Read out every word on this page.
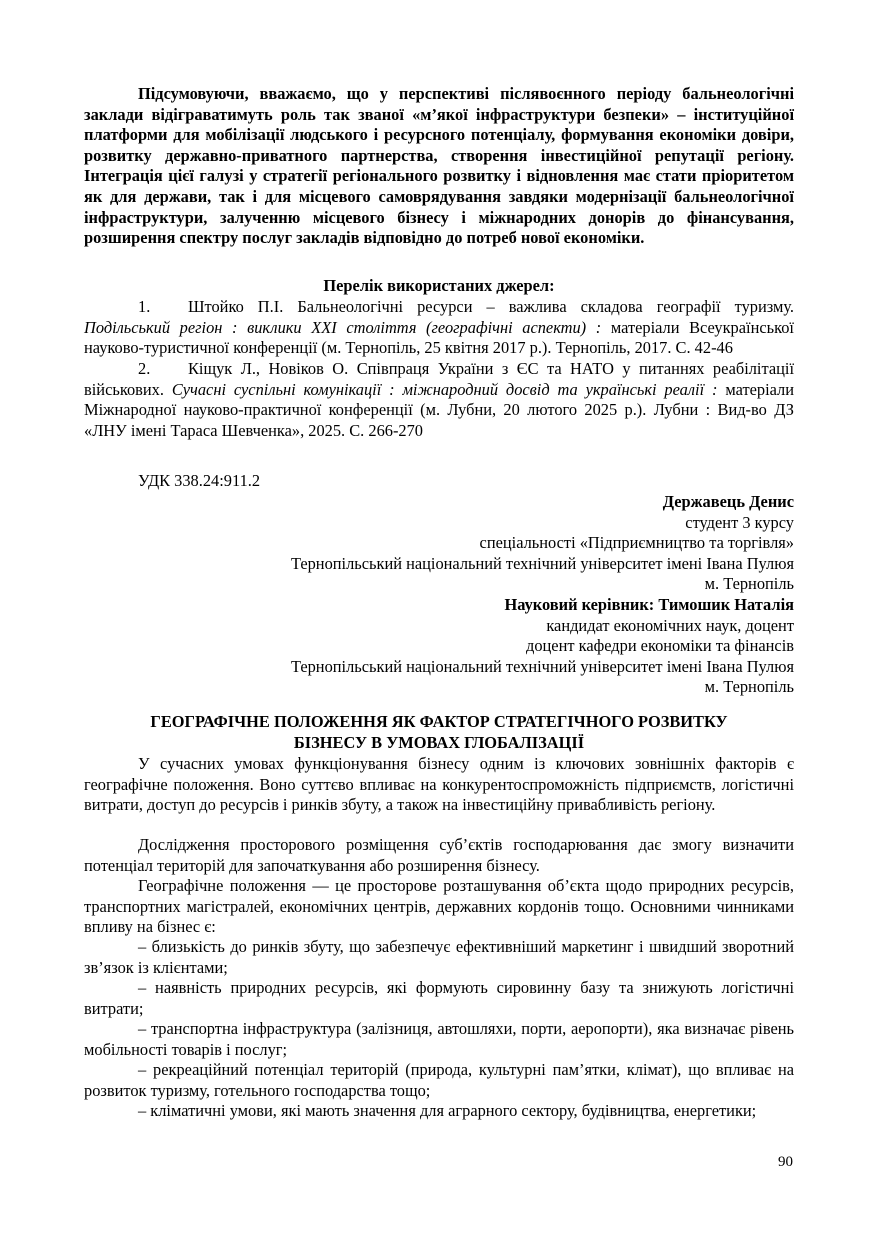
Підсумовуючи, вважаємо, що у перспективі післявоєнного періоду бальнеологічні заклади відіграватимуть роль так званої «м’якої інфраструктури безпеки» – інституційної платформи для мобілізації людського і ресурсного потенціалу, формування економіки довіри, розвитку державно-приватного партнерства, створення інвестиційної репутації регіону. Інтеграція цієї галузі у стратегії регіонального розвитку і відновлення має стати пріоритетом як для держави, так і для місцевого самоврядування завдяки модернізації бальнеологічної інфраструктури, залученню місцевого бізнесу і міжнародних донорів до фінансування, розширення спектру послуг закладів відповідно до потреб нової економіки.

Перелік використаних джерел:

1. Штойко П.І. Бальнеологічні ресурси – важлива складова географії туризму. Подільський регіон : виклики XXI століття (географічні аспекти) : матеріали Всеукраїнської науково-туристичної конференції (м. Тернопіль, 25 квітня 2017 р.). Тернопіль, 2017. С. 42-46

2. Кіщук Л., Новіков О. Співпраця України з ЄС та НАТО у питаннях реабілітації військових. Сучасні суспільні комунікації : міжнародний досвід та українські реалії : матеріали Міжнародної науково-практичної конференції (м. Лубни, 20 лютого 2025 р.). Лубни : Вид-во ДЗ «ЛНУ імені Тараса Шевченка», 2025. С. 266-270

УДК 338.24:911.2

Державець Денис

студент 3 курсу

спеціальності «Підприємництво та торгівля»

Тернопільський національний технічний університет імені Івана Пулюя

м. Тернопіль

Науковий керівник: Тимошик Наталія

кандидат економічних наук, доцент

доцент кафедри економіки та фінансів

Тернопільський національний технічний університет імені Івана Пулюя

м. Тернопіль

ГЕОГРАФІЧНЕ ПОЛОЖЕННЯ ЯК ФАКТОР СТРАТЕГІЧНОГО РОЗВИТКУ

БІЗНЕСУ В УМОВАХ ГЛОБАЛІЗАЦІЇ

У сучасних умовах функціонування бізнесу одним із ключових зовнішніх факторів є географічне положення. Воно суттєво впливає на конкурентоспроможність підприємств, логістичні витрати, доступ до ресурсів і ринків збуту, а також на інвестиційну привабливість регіону.

Дослідження просторового розміщення суб’єктів господарювання дає змогу визначити потенціал територій для започаткування або розширення бізнесу.

Географічне положення — це просторове розташування об’єкта щодо природних ресурсів, транспортних магістралей, економічних центрів, державних кордонів тощо. Основними чинниками впливу на бізнес є:

– близькість до ринків збуту, що забезпечує ефективніший маркетинг і швидший зворотний зв’язок із клієнтами;

– наявність природних ресурсів, які формують сировинну базу та знижують логістичні витрати;

– транспортна інфраструктура (залізниця, автошляхи, порти, аеропорти), яка визначає рівень мобільності товарів і послуг;

– рекреаційний потенціал територій (природа, культурні пам’ятки, клімат), що впливає на розвиток туризму, готельного господарства тощо;

– кліматичні умови, які мають значення для аграрного сектору, будівництва, енергетики;

90
